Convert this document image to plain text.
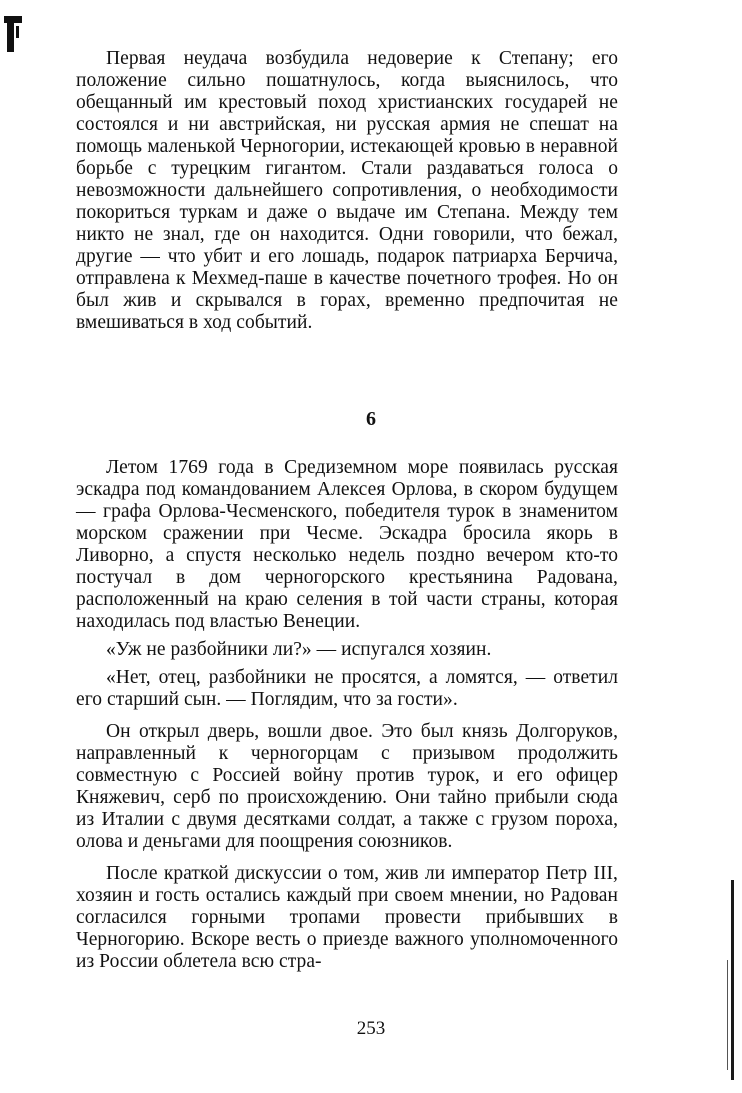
Первая неудача возбудила недоверие к Степану; его положение сильно пошатнулось, когда выяснилось, что обещанный им крестовый поход христианских государей не состоялся и ни австрийская, ни русская армия не спешат на помощь маленькой Черногории, истекающей кровью в неравной борьбе с турецким гигантом. Стали раздаваться голоса о невозможности дальнейшего сопротивления, о необходимости покориться туркам и даже о выдаче им Степана. Между тем никто не знал, где он находится. Одни говорили, что бежал, другие — что убит и его лошадь, подарок патриарха Берчича, отправлена к Мехмед-паше в качестве почетного трофея. Но он был жив и скрывался в горах, временно предпочитая не вмешиваться в ход событий.

6

Летом 1769 года в Средиземном море появилась русская эскадра под командованием Алексея Орлова, в скором будущем — графа Орлова-Чесменского, победителя турок в знаменитом морском сражении при Чесме. Эскадра бросила якорь в Ливорно, а спустя несколько недель поздно вечером кто-то постучал в дом черногорского крестьянина Радована, расположенный на краю селения в той части страны, которая находилась под властью Венеции.

«Уж не разбойники ли?» — испугался хозяин.

«Нет, отец, разбойники не просятся, а ломятся, — ответил его старший сын. — Поглядим, что за гости».

Он открыл дверь, вошли двое. Это был князь Долгоруков, направленный к черногорцам с призывом продолжить совместную с Россией войну против турок, и его офицер Княжевич, серб по происхождению. Они тайно прибыли сюда из Италии с двумя десятками солдат, а также с грузом пороха, олова и деньгами для поощрения союзников.

После краткой дискуссии о том, жив ли император Петр III, хозяин и гость остались каждый при своем мнении, но Радован согласился горными тропами провести прибывших в Черногорию. Вскоре весть о приезде важного уполномоченного из России облетела всю стра-

253
